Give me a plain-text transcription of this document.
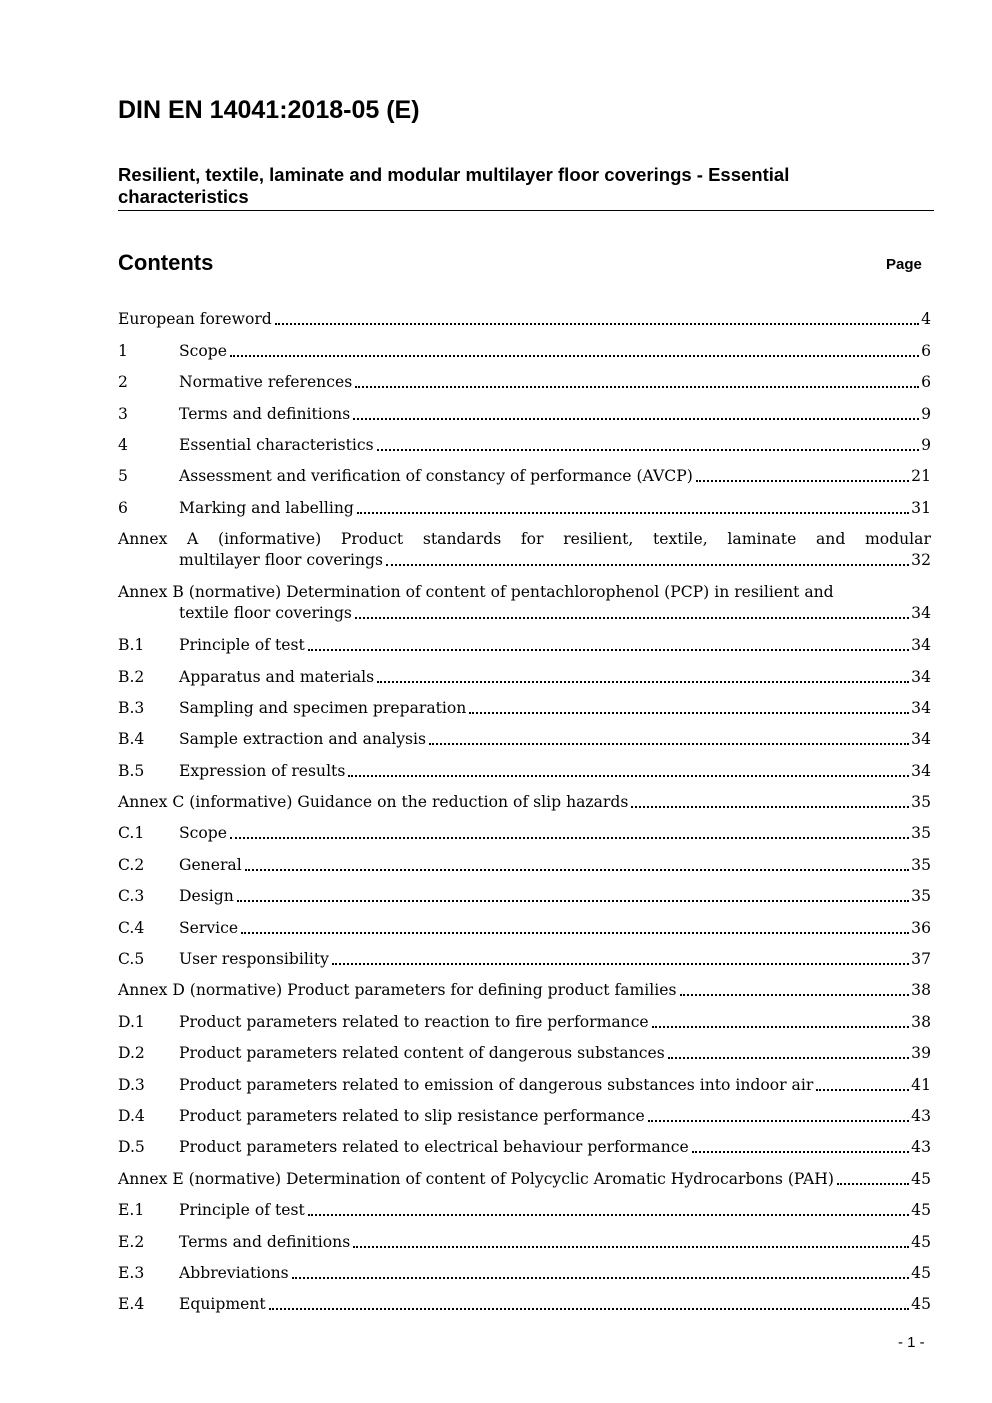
DIN EN 14041:2018-05 (E)
Resilient, textile, laminate and modular multilayer floor coverings - Essential characteristics
Contents	Page
European foreword	4
1	Scope	6
2	Normative references	6
3	Terms and definitions	9
4	Essential characteristics	9
5	Assessment and verification of constancy of performance (AVCP)	21
6	Marking and labelling	31
Annex A (informative) Product standards for resilient, textile, laminate and modular
multilayer floor coverings	32
Annex B (normative) Determination of content of pentachlorophenol (PCP) in resilient and
textile floor coverings	34
B.1	Principle of test	34
B.2	Apparatus and materials	34
B.3	Sampling and specimen preparation	34
B.4	Sample extraction and analysis	34
B.5	Expression of results	34
Annex C (informative) Guidance on the reduction of slip hazards	35
C.1	Scope	35
C.2	General	35
C.3	Design	35
C.4	Service	36
C.5	User responsibility	37
Annex D (normative) Product parameters for defining product families	38
D.1	Product parameters related to reaction to fire performance	38
D.2	Product parameters related content of dangerous substances	39
D.3	Product parameters related to emission of dangerous substances into indoor air	41
D.4	Product parameters related to slip resistance performance	43
D.5	Product parameters related to electrical behaviour performance	43
Annex E (normative) Determination of content of Polycyclic Aromatic Hydrocarbons (PAH)	45
E.1	Principle of test	45
E.2	Terms and definitions	45
E.3	Abbreviations	45
E.4	Equipment	45
- 1 -
